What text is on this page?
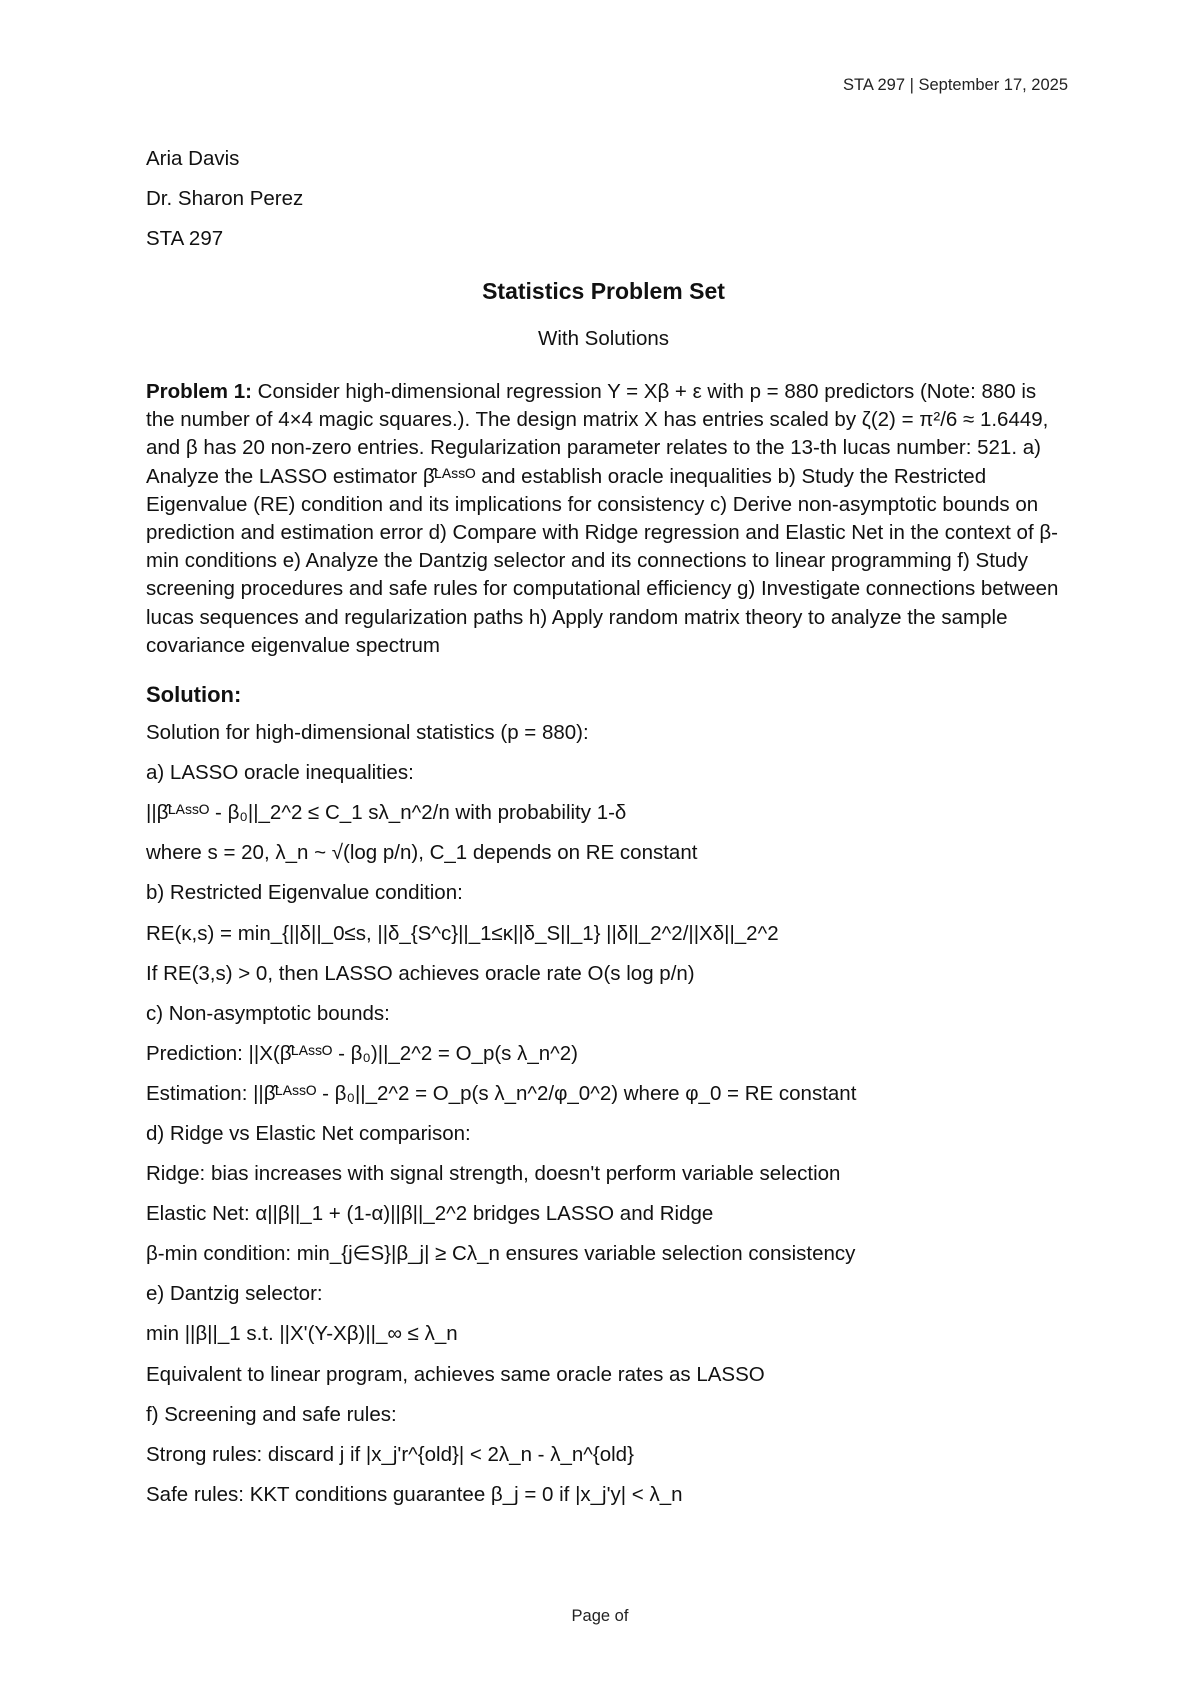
STA 297 | September 17, 2025

Aria Davis

Dr. Sharon Perez

STA 297

Statistics Problem Set
With Solutions
Problem 1: Consider high-dimensional regression Y = Xβ + ε with p = 880 predictors (Note: 880 is the number of 4×4 magic squares.). The design matrix X has entries scaled by ζ(2) = π²/6 ≈ 1.6449, and β has 20 non-zero entries. Regularization parameter relates to the 13-th lucas number: 521. a) Analyze the LASSO estimator β̂ᴸᴬˢˢᴼ and establish oracle inequalities b) Study the Restricted Eigenvalue (RE) condition and its implications for consistency c) Derive non-asymptotic bounds on prediction and estimation error d) Compare with Ridge regression and Elastic Net in the context of β-min conditions e) Analyze the Dantzig selector and its connections to linear programming f) Study screening procedures and safe rules for computational efficiency g) Investigate connections between lucas sequences and regularization paths h) Apply random matrix theory to analyze the sample covariance eigenvalue spectrum
Solution:
Solution for high-dimensional statistics (p = 880):
a) LASSO oracle inequalities:
||β̂ᴸᴬˢˢᴼ - β₀||_2^2 ≤ C_1 sλ_n^2/n with probability 1-δ
where s = 20, λ_n ~ √(log p/n), C_1 depends on RE constant
b) Restricted Eigenvalue condition:
RE(κ,s) = min_{||δ||_0≤s, ||δ_{S^c}||_1≤κ||δ_S||_1} ||δ||_2^2/||Xδ||_2^2
If RE(3,s) > 0, then LASSO achieves oracle rate O(s log p/n)
c) Non-asymptotic bounds:
Prediction: ||X(β̂ᴸᴬˢˢᴼ - β₀)||_2^2 = O_p(s λ_n^2)
Estimation: ||β̂ᴸᴬˢˢᴼ - β₀||_2^2 = O_p(s λ_n^2/φ_0^2) where φ_0 = RE constant
d) Ridge vs Elastic Net comparison:
Ridge: bias increases with signal strength, doesn't perform variable selection
Elastic Net: α||β||_1 + (1-α)||β||_2^2 bridges LASSO and Ridge
β-min condition: min_{j∈S}|β_j| ≥ Cλ_n ensures variable selection consistency
e) Dantzig selector:
min ||β||_1 s.t. ||X'(Y-Xβ)||_∞ ≤ λ_n
Equivalent to linear program, achieves same oracle rates as LASSO
f) Screening and safe rules:
Strong rules: discard j if |x_j'r^{old}| < 2λ_n - λ_n^{old}
Safe rules: KKT conditions guarantee β_j = 0 if |x_j'y| < λ_n
Page of
